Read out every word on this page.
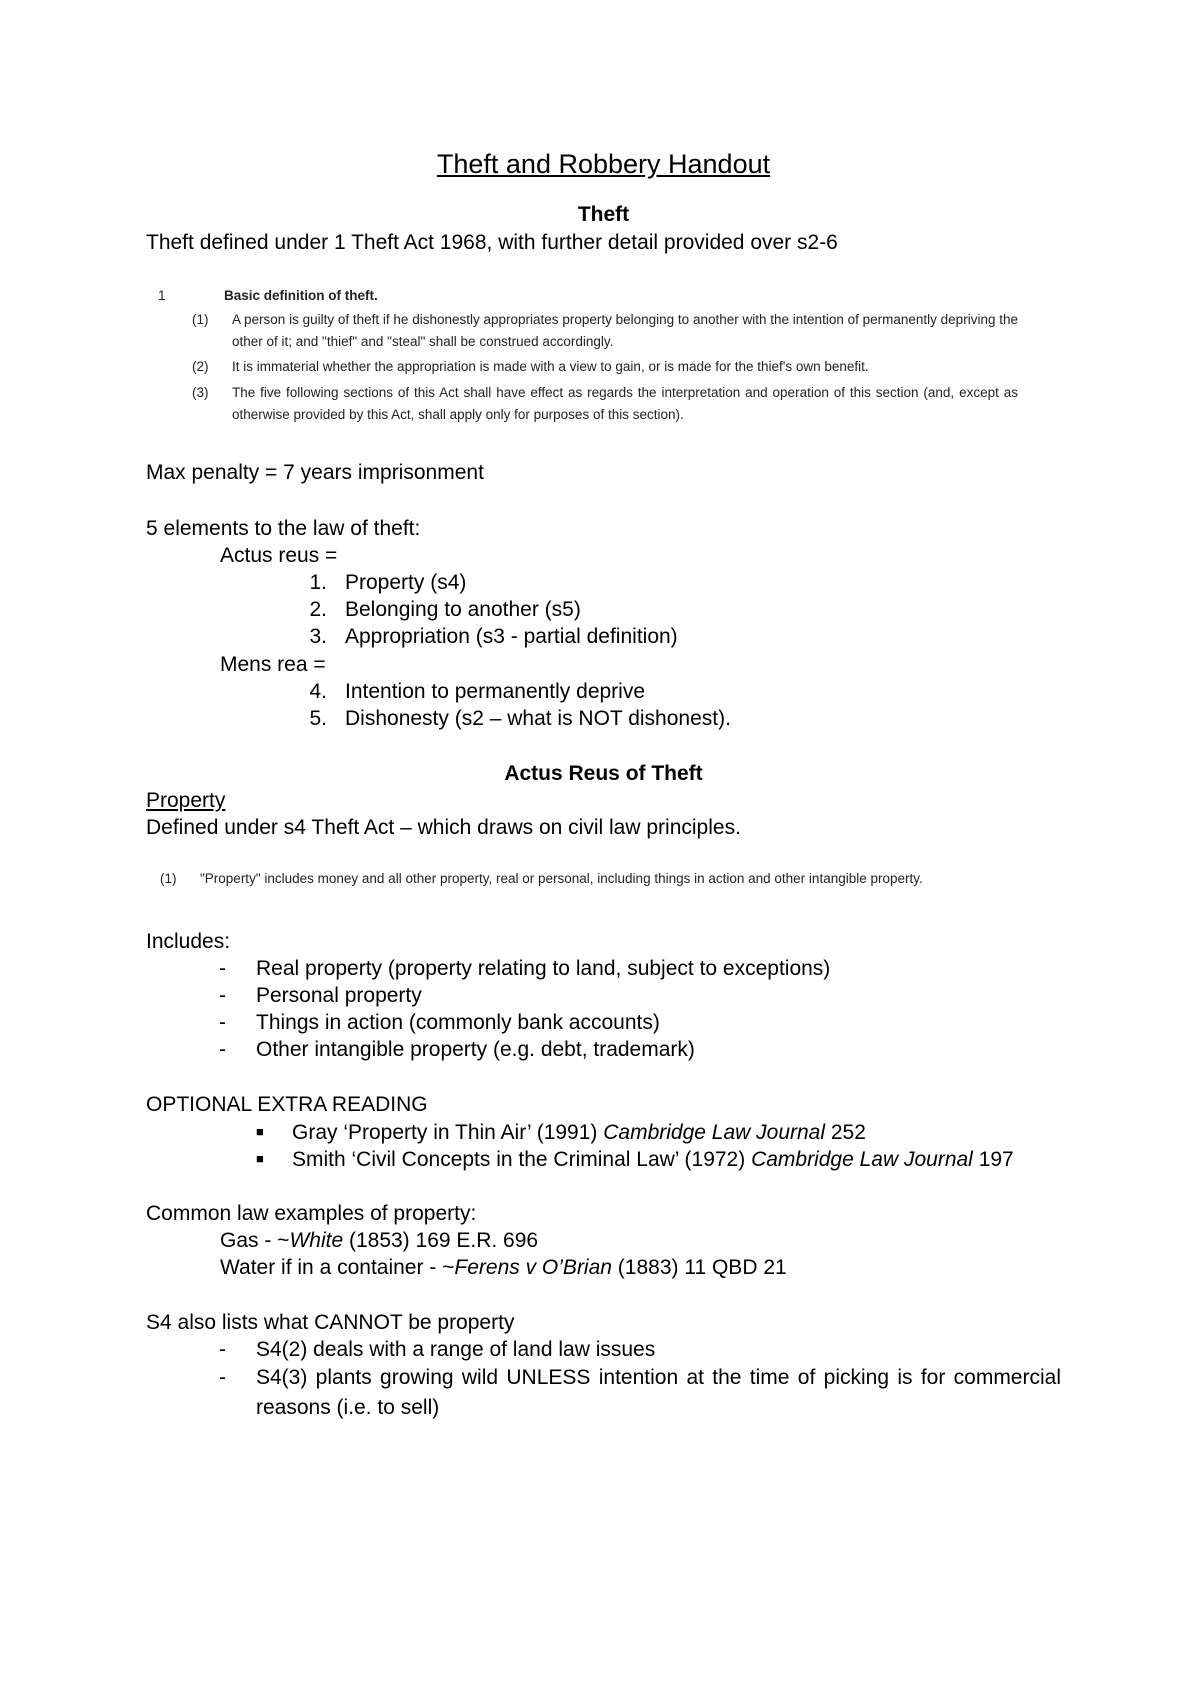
Theft and Robbery Handout
Theft
Theft defined under 1 Theft Act 1968, with further detail provided over s2-6
1	Basic definition of theft.
(1) A person is guilty of theft if he dishonestly appropriates property belonging to another with the intention of permanently depriving the other of it; and "thief" and "steal" shall be construed accordingly.
(2) It is immaterial whether the appropriation is made with a view to gain, or is made for the thief's own benefit.
(3) The five following sections of this Act shall have effect as regards the interpretation and operation of this section (and, except as otherwise provided by this Act, shall apply only for purposes of this section).
Max penalty = 7 years imprisonment
5 elements to the law of theft:
Actus reus =
1. Property (s4)
2. Belonging to another (s5)
3. Appropriation (s3 - partial definition)
Mens rea =
4. Intention to permanently deprive
5. Dishonesty (s2 – what is NOT dishonest).
Actus Reus of Theft
Property
Defined under s4 Theft Act – which draws on civil law principles.
(1) "Property" includes money and all other property, real or personal, including things in action and other intangible property.
Includes:
- Real property (property relating to land, subject to exceptions)
- Personal property
- Things in action (commonly bank accounts)
- Other intangible property (e.g. debt, trademark)
OPTIONAL EXTRA READING
■ Gray ‘Property in Thin Air’ (1991) Cambridge Law Journal 252
■ Smith ‘Civil Concepts in the Criminal Law’ (1972) Cambridge Law Journal 197
Common law examples of property:
Gas - ~White (1853) 169 E.R. 696
Water if in a container - ~Ferens v O’Brian (1883) 11 QBD 21
S4 also lists what CANNOT be property
- S4(2) deals with a range of land law issues
- S4(3) plants growing wild UNLESS intention at the time of picking is for commercial reasons (i.e. to sell)
